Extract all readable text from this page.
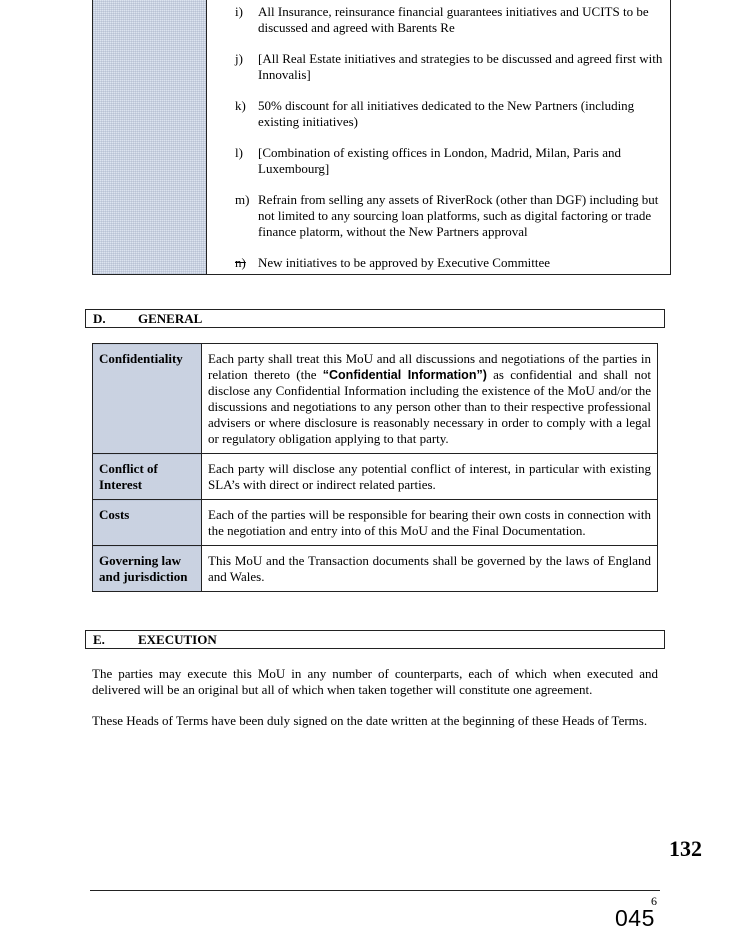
i) All Insurance, reinsurance financial guarantees initiatives and UCITS to be discussed and agreed with Barents Re
j) [All Real Estate initiatives and strategies to be discussed and agreed first with Innovalis]
k) 50% discount for all initiatives dedicated to the New Partners (including existing initiatives)
l) [Combination of existing offices in London, Madrid, Milan, Paris and Luxembourg]
m) Refrain from selling any assets of RiverRock (other than DGF) including but not limited to any sourcing loan platforms, such as digital factoring or trade finance platorm, without the New Partners approval
n) New initiatives to be approved by Executive Committee
D. GENERAL
Confidentiality	Each party shall treat this MoU and all discussions and negotiations of the parties in relation thereto (the “Confidential Information”) as confidential and shall not disclose any Confidential Information including the existence of the MoU and/or the discussions and negotiations to any person other than to their respective professional advisers or where disclosure is reasonably necessary in order to comply with a legal or regulatory obligation applying to that party.
Conflict of Interest	Each party will disclose any potential conflict of interest, in particular with existing SLA’s with direct or indirect related parties.
Costs	Each of the parties will be responsible for bearing their own costs in connection with the negotiation and entry into of this MoU and the Final Documentation.
Governing law and jurisdiction	This MoU and the Transaction documents shall be governed by the laws of England and Wales.
E.	EXECUTION

The parties may execute this MoU in any number of counterparts, each of which when executed and delivered will be an original but all of which when taken together will constitute one agreement.

These Heads of Terms have been duly signed on the date written at the beginning of these Heads of Terms.

132
6
045
